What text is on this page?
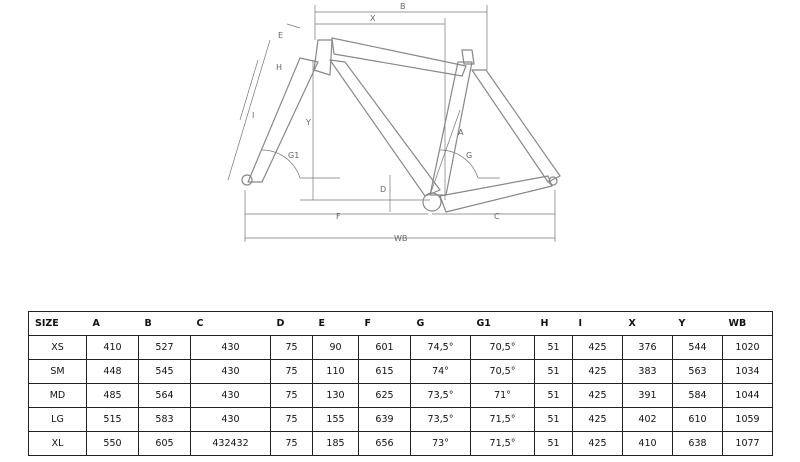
B
X
E
I
H
Y
G1
A
G
D
F	C
WB
SIZE	A	B	C	D	E	F	G	G1	H	I	X	Y	WB
XS	410	527	430	75	90	601	74,5°	70,5°	51	425	376	544	1020
SM	448	545	430	75	110	615	74°	70,5°	51	425	383	563	1034
MD	485	564	430	75	130	625	73,5°	71°	51	425	391	584	1044
LG	515	583	430	75	155	639	73,5°	71,5°	51	425	402	610	1059
XL	550	605	432432	75	185	656	73°	71,5°	51	425	410	638	1077
